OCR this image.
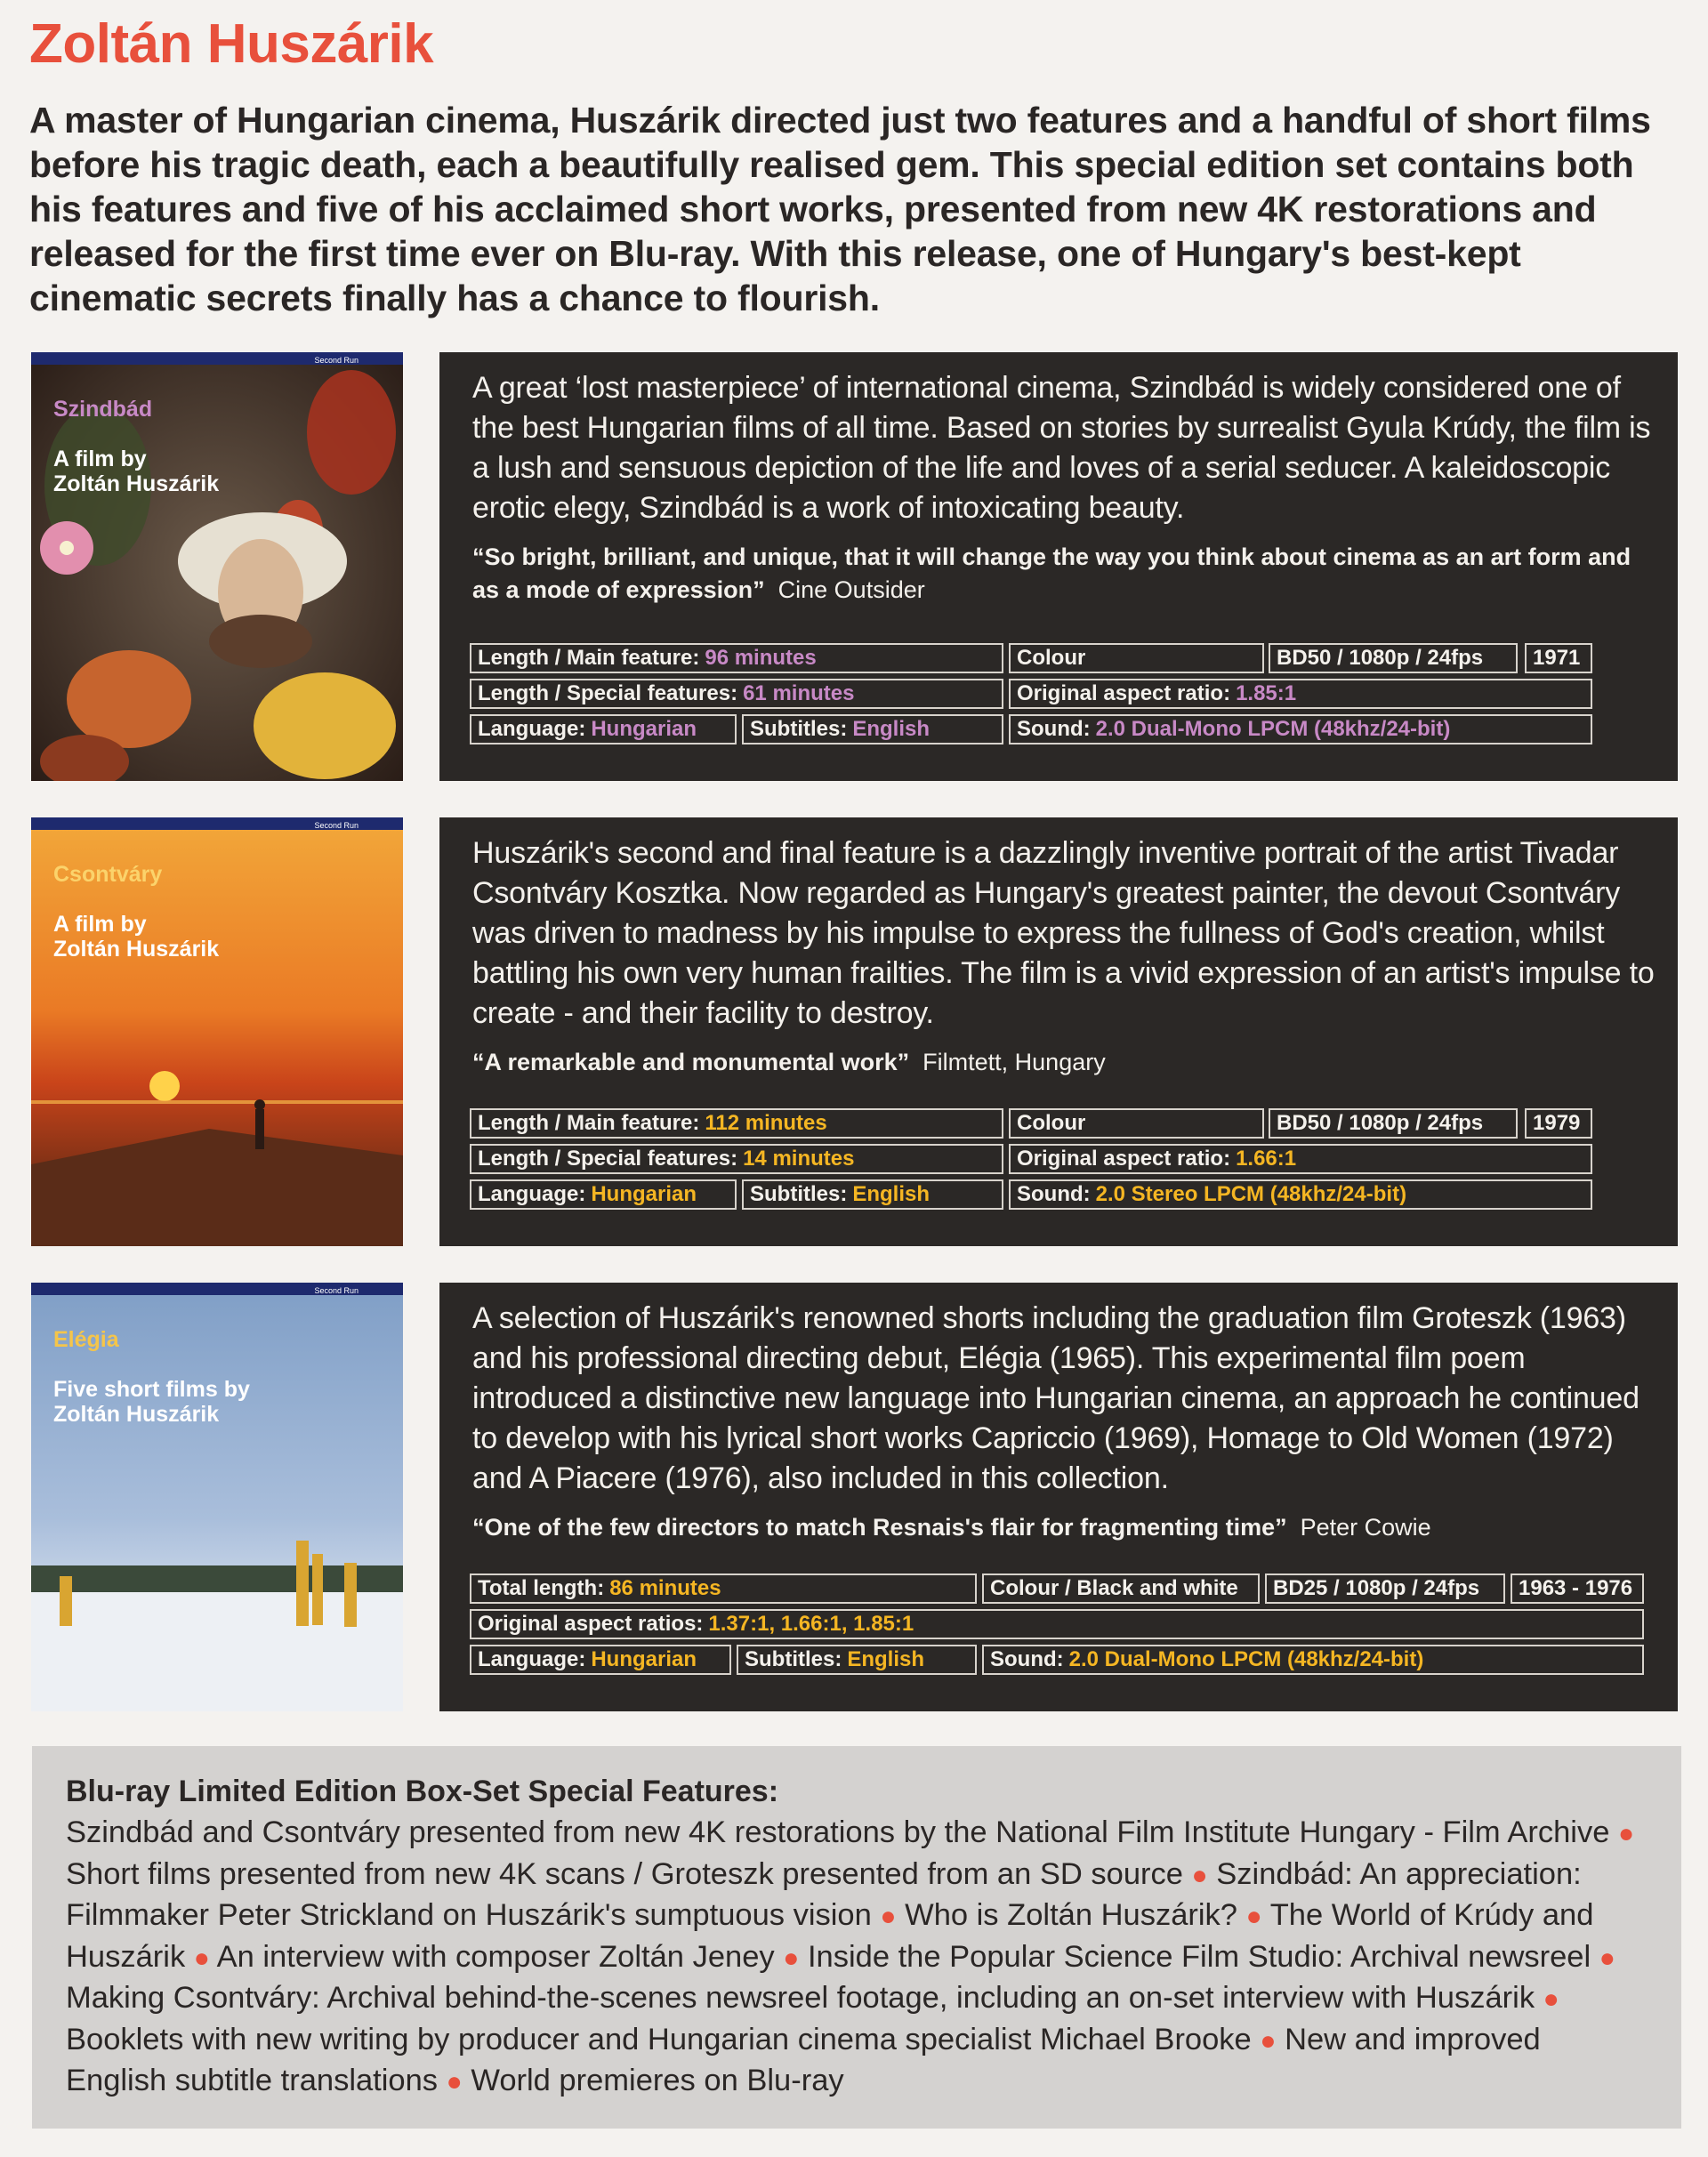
Zoltán Huszárik

A master of Hungarian cinema, Huszárik directed just two features and a handful of short films before his tragic death, each a beautifully realised gem. This special edition set contains both his features and five of his acclaimed short works, presented from new 4K restorations and released for the first time ever on Blu-ray. With this release, one of Hungary's best-kept cinematic secrets finally has a chance to flourish.

Second Run

Szindbád

A film by
Zoltán Huszárik

A great ‘lost masterpiece’ of international cinema, Szindbád is widely considered one of the best Hungarian films of all time. Based on stories by surrealist Gyula Krúdy, the film is a lush and sensuous depiction of the life and loves of a serial seducer. A kaleidoscopic erotic elegy, Szindbád is a work of intoxicating beauty.

“So bright, brilliant, and unique, that it will change the way you think about cinema as an art form and as a mode of expression” Cine Outsider

Length / Main feature: 96 minutes	Colour	BD50 / 1080p / 24fps	1971
Length / Special features: 61 minutes	Original aspect ratio: 1.85:1
Language: Hungarian	Subtitles: English	Sound: 2.0 Dual-Mono LPCM (48khz/24-bit)
Second Run

Csontváry

A film by
Zoltán Huszárik

Huszárik's second and final feature is a dazzlingly inventive portrait of the artist Tivadar Csontváry Kosztka. Now regarded as Hungary's greatest painter, the devout Csontváry was driven to madness by his impulse to express the fullness of God's creation, whilst battling his own very human frailties. The film is a vivid expression of an artist's impulse to create - and their facility to destroy.

“A remarkable and monumental work” Filmtett, Hungary

Length / Main feature: 112 minutes	Colour	BD50 / 1080p / 24fps	1979
Length / Special features: 14 minutes	Original aspect ratio: 1.66:1
Language: Hungarian	Subtitles: English	Sound: 2.0 Stereo LPCM (48khz/24-bit)
Second Run

Elégia

Five short films by
Zoltán Huszárik

A selection of Huszárik's renowned shorts including the graduation film Groteszk (1963) and his professional directing debut, Elégia (1965). This experimental film poem introduced a distinctive new language into Hungarian cinema, an approach he continued to develop with his lyrical short works Capriccio (1969), Homage to Old Women (1972) and A Piacere (1976), also included in this collection.

“One of the few directors to match Resnais's flair for fragmenting time” Peter Cowie

Total length: 86 minutes	Colour / Black and white	BD25 / 1080p / 24fps	1963 - 1976
Original aspect ratios: 1.37:1, 1.66:1, 1.85:1
Language: Hungarian	Subtitles: English	Sound: 2.0 Dual-Mono LPCM (48khz/24-bit)
Blu-ray Limited Edition Box-Set Special Features:

Szindbád and Csontváry presented from new 4K restorations by the National Film Institute Hungary - Film Archive ● Short films presented from new 4K scans / Groteszk presented from an SD source ● Szindbád: An appreciation: Filmmaker Peter Strickland on Huszárik's sumptuous vision ● Who is Zoltán Huszárik? ● The World of Krúdy and Huszárik ● An interview with composer Zoltán Jeney ● Inside the Popular Science Film Studio: Archival newsreel ● Making Csontváry: Archival behind-the-scenes newsreel footage, including an on-set interview with Huszárik ● Booklets with new writing by producer and Hungarian cinema specialist Michael Brooke ● New and improved English subtitle translations ● World premieres on Blu-ray
